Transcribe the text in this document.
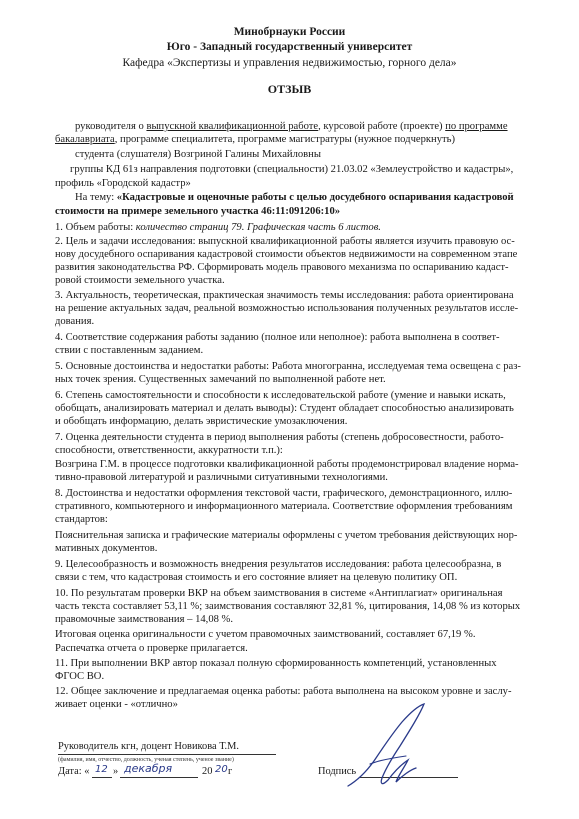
Минобрнауки России
Юго - Западный государственный университет
Кафедра «Экспертизы и управления недвижимостью, горного дела»
ОТЗЫВ
руководителя о выпускной квалификационной работе, курсовой работе (проекте) по программе
бакалавриата, программе специалитета, программе магистратуры (нужное подчеркнуть)
студента (слушателя) Возгриной Галины Михайловны
группы КД 61з направления подготовки (специальности) 21.03.02 «Землеустройство и кадастры»,
профиль «Городской кадастр»
На тему: «Кадастровые и оценочные работы с целью досудебного оспаривания кадастровой
стоимости на примере земельного участка 46:11:091206:10»
1. Объем работы: количество страниц 79. Графическая часть 6 листов.
2. Цель и задачи исследования: выпускной квалификационной работы является изучить правовую ос-
нову досудебного оспаривания кадастровой стоимости объектов недвижимости на современном этапе
развития законодательства РФ. Сформировать модель правового механизма по оспариванию кадаст-
ровой стоимости земельного участка.
3. Актуальность, теоретическая, практическая значимость темы исследования: работа ориентирована
на решение актуальных задач, реальной возможностью использования полученных результатов иссле-
дования.
4. Соответствие содержания работы заданию (полное или неполное): работа выполнена в соответ-
ствии с поставленным заданием.
5. Основные достоинства и недостатки работы: Работа многогранна, исследуемая тема освещена с раз-
ных точек зрения. Существенных замечаний по выполненной работе нет.
6. Степень самостоятельности и способности к исследовательской работе (умение и навыки искать,
обобщать, анализировать материал и делать выводы): Студент обладает способностью анализировать
и обобщать информацию, делать эвристические умозаключения.
7. Оценка деятельности студента в период выполнения работы (степень добросовестности, работо-
способности, ответственности, аккуратности т.п.):
Возгрина Г.М. в процессе подготовки квалификационной работы продемонстрировал владение норма-
тивно-правовой литературой и различными ситуативными технологиями.
8. Достоинства и недостатки оформления текстовой части, графического, демонстрационного, иллю-
стративного, компьютерного и информационного материала. Соответствие оформления требованиям
стандартов:
Пояснительная записка и графические материалы оформлены с учетом требования действующих нор-
мативных документов.
9. Целесообразность и возможность внедрения результатов исследования: работа целесообразна, в
связи с тем, что кадастровая стоимость и его состояние влияет на целевую политику ОП.
10. По результатам проверки ВКР на объем заимствования в системе «Антиплагиат» оригинальная
часть текста составляет 53,11 %; заимствования составляют 32,81 %, цитирования, 14,08 % из которых
правомочные заимствования – 14,08 %.
Итоговая оценка оригинальности с учетом правомочных заимствований, составляет 67,19 %.
Распечатка отчета о проверке прилагается.
11. При выполнении ВКР автор показал полную сформированность компетенций, установленных
ФГОС ВО.
12. Общее заключение и предлагаемая оценка работы: работа выполнена на высоком уровне и заслу-
живает оценки - «отлично»
Руководитель кгн, доцент Новикова Т.М.
(фамилия, имя, отчество, должность, ученая степень, ученое звание)
Дата: « 12 » декабря	20 20 г	Подпись
